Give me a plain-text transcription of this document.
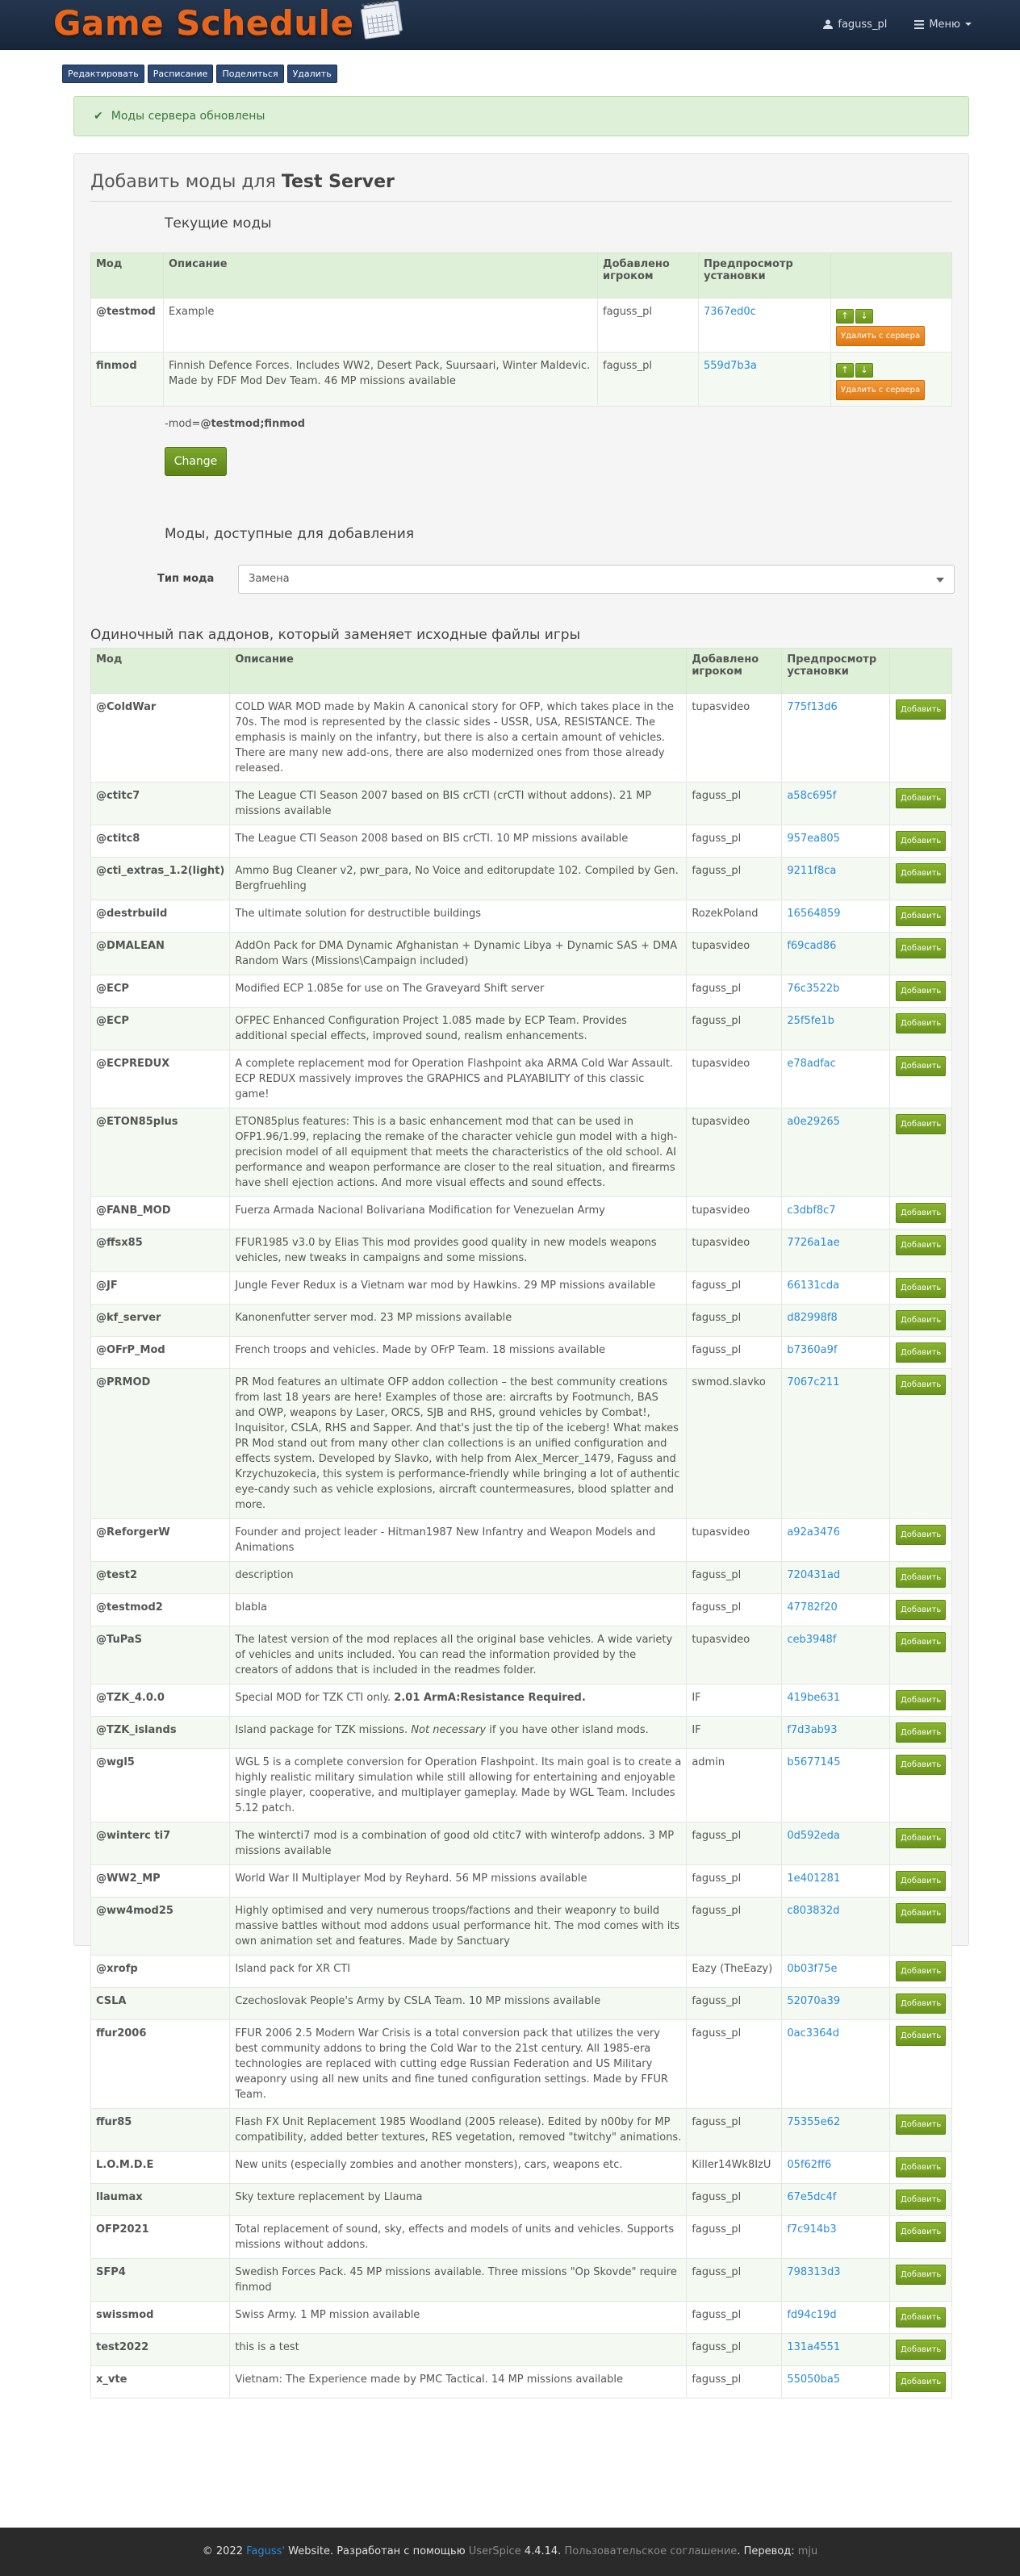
Game Schedule	faguss_pl	Меню
Редактировать	Расписание	Поделиться	Удалить
✔ Моды сервера обновлены
Добавить моды для Test Server
Текущие моды
Мод	Описание	Добавлено игроком	Предпросмотр установки	
@testmod	Example	faguss_pl	7367ed0c	↑ ↓
Удалить с сервера
finmod	Finnish Defence Forces. Includes WW2, Desert Pack, Suursaari, Winter Maldevic. Made by FDF Mod Dev Team. 46 MP missions available	faguss_pl	559d7b3a	↑ ↓
Удалить с сервера
-mod=@testmod;finmod
Change
Моды, доступные для добавления
Тип мода	Замена
Одиночный пак аддонов, который заменяет исходные файлы игры
Мод	Описание	Добавлено игроком	Предпросмотр установки	
@ColdWar	COLD WAR MOD made by Makin A canonical story for OFP, which takes place in the 70s. The mod is represented by the classic sides - USSR, USA, RESISTANCE. The emphasis is mainly on the infantry, but there is also a certain amount of vehicles. There are many new add-ons, there are also modernized ones from those already released.	tupasvideo	775f13d6	Добавить
@ctitc7	The League CTI Season 2007 based on BIS crCTI (crCTI without addons). 21 MP missions available	faguss_pl	a58c695f	Добавить
@ctitc8	The League CTI Season 2008 based on BIS crCTI. 10 MP missions available	faguss_pl	957ea805	Добавить
@cti_extras_1.2(light)	Ammo Bug Cleaner v2, pwr_para, No Voice and editorupdate 102. Compiled by Gen. Bergfruehling	faguss_pl	9211f8ca	Добавить
@destrbuild	The ultimate solution for destructible buildings	RozekPoland	16564859	Добавить
@DMALEAN	AddOn Pack for DMA Dynamic Afghanistan + Dynamic Libya + Dynamic SAS + DMA Random Wars (Missions\Campaign included)	tupasvideo	f69cad86	Добавить
@ECP	Modified ECP 1.085e for use on The Graveyard Shift server	faguss_pl	76c3522b	Добавить
@ECP	OFPEC Enhanced Configuration Project 1.085 made by ECP Team. Provides additional special effects, improved sound, realism enhancements.	faguss_pl	25f5fe1b	Добавить
@ECPREDUX	A complete replacement mod for Operation Flashpoint aka ARMA Cold War Assault. ECP REDUX massively improves the GRAPHICS and PLAYABILITY of this classic game!	tupasvideo	e78adfac	Добавить
@ETON85plus	ETON85plus features: This is a basic enhancement mod that can be used in OFP1.96/1.99, replacing the remake of the character vehicle gun model with a high-precision model of all equipment that meets the characteristics of the old school. AI performance and weapon performance are closer to the real situation, and firearms have shell ejection actions. And more visual effects and sound effects.	tupasvideo	a0e29265	Добавить
@FANB_MOD	Fuerza Armada Nacional Bolivariana Modification for Venezuelan Army	tupasvideo	c3dbf8c7	Добавить
@ffsx85	FFUR1985 v3.0 by Elias This mod provides good quality in new models weapons vehicles, new tweaks in campaigns and some missions.	tupasvideo	7726a1ae	Добавить
@JF	Jungle Fever Redux is a Vietnam war mod by Hawkins. 29 MP missions available	faguss_pl	66131cda	Добавить
@kf_server	Kanonenfutter server mod. 23 MP missions available	faguss_pl	d82998f8	Добавить
@OFrP_Mod	French troops and vehicles. Made by OFrP Team. 18 missions available	faguss_pl	b7360a9f	Добавить
@PRMOD	PR Mod features an ultimate OFP addon collection – the best community creations from last 18 years are here! Examples of those are: aircrafts by Footmunch, BAS and OWP, weapons by Laser, ORCS, SJB and RHS, ground vehicles by Combat!, Inquisitor, CSLA, RHS and Sapper. And that's just the tip of the iceberg! What makes PR Mod stand out from many other clan collections is an unified configuration and effects system. Developed by Slavko, with help from Alex_Mercer_1479, Faguss and Krzychuzokecia, this system is performance-friendly while bringing a lot of authentic eye-candy such as vehicle explosions, aircraft countermeasures, blood splatter and more.	swmod.slavko	7067c211	Добавить
@ReforgerW	Founder and project leader - Hitman1987 New Infantry and Weapon Models and Animations	tupasvideo	a92a3476	Добавить
@test2	description	faguss_pl	720431ad	Добавить
@testmod2	blabla	faguss_pl	47782f20	Добавить
@TuPaS	The latest version of the mod replaces all the original base vehicles. A wide variety of vehicles and units included. You can read the information provided by the creators of addons that is included in the readmes folder.	tupasvideo	ceb3948f	Добавить
@TZK_4.0.0	Special MOD for TZK CTI only. 2.01 ArmA:Resistance Required.	IF	419be631	Добавить
@TZK_islands	Island package for TZK missions. Not necessary if you have other island mods.	IF	f7d3ab93	Добавить
@wgl5	WGL 5 is a complete conversion for Operation Flashpoint. Its main goal is to create a highly realistic military simulation while still allowing for entertaining and enjoyable single player, cooperative, and multiplayer gameplay. Made by WGL Team. Includes 5.12 patch.	admin	b5677145	Добавить
@winterc ti7	The wintercti7 mod is a combination of good old ctitc7 with winterofp addons. 3 MP missions available	faguss_pl	0d592eda	Добавить
@WW2_MP	World War II Multiplayer Mod by Reyhard. 56 MP missions available	faguss_pl	1e401281	Добавить
@ww4mod25	Highly optimised and very numerous troops/factions and their weaponry to build massive battles without mod addons usual performance hit. The mod comes with its own animation set and features. Made by Sanctuary	faguss_pl	c803832d	Добавить
@xrofp	Island pack for XR CTI	Eazy (TheEazy)	0b03f75e	Добавить
CSLA	Czechoslovak People's Army by CSLA Team. 10 MP missions available	faguss_pl	52070a39	Добавить
ffur2006	FFUR 2006 2.5 Modern War Crisis is a total conversion pack that utilizes the very best community addons to bring the Cold War to the 21st century. All 1985-era technologies are replaced with cutting edge Russian Federation and US Military weaponry using all new units and fine tuned configuration settings. Made by FFUR Team.	faguss_pl	0ac3364d	Добавить
ffur85	Flash FX Unit Replacement 1985 Woodland (2005 release). Edited by n00by for MP compatibility, added better textures, RES vegetation, removed "twitchy" animations.	faguss_pl	75355e62	Добавить
L.O.M.D.E	New units (especially zombies and another monsters), cars, weapons etc.	Killer14Wk8IzU	05f62ff6	Добавить
llaumax	Sky texture replacement by Llauma	faguss_pl	67e5dc4f	Добавить
OFP2021	Total replacement of sound, sky, effects and models of units and vehicles. Supports missions without addons.	faguss_pl	f7c914b3	Добавить
SFP4	Swedish Forces Pack. 45 MP missions available. Three missions "Op Skovde" require finmod	faguss_pl	798313d3	Добавить
swissmod	Swiss Army. 1 MP mission available	faguss_pl	fd94c19d	Добавить
test2022	this is a test	faguss_pl	131a4551	Добавить
x_vte	Vietnam: The Experience made by PMC Tactical. 14 MP missions available	faguss_pl	55050ba5	Добавить
© 2022 Faguss' Website. Разработан с помощью UserSpice 4.4.14. Пользовательское соглашение. Перевод: mju
